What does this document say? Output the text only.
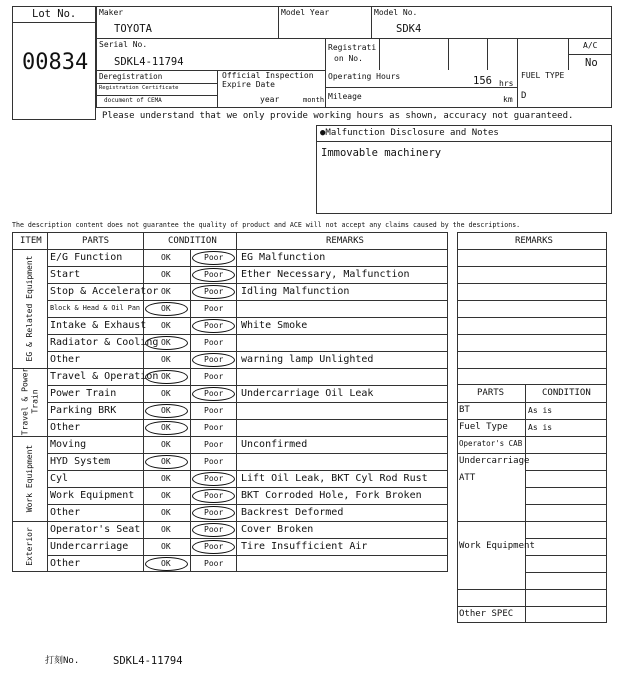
Lot No.
00834
Maker
TOYOTA
Model Year	Model No.
SDK4
Serial No.
SDKL4-11794
Registrati
on No.
A/C
No
Deregistration
Registration Certificate
document of CEMA
Official Inspection
Expire Date
year	month
Operating Hours	156 hrs
Mileage	km
FUEL TYPE
D
Please understand that we only provide working hours as shown, accuracy not guaranteed.
●Malfunction Disclosure and Notes
Immovable machinery
The description content does not guarantee the quality of product and ACE will not accept any claims caused by the descriptions.
ITEM	PARTS	CONDITION	REMARKS
EG & Related Equipment
Travel & Power Train
Work Equipment
Exterior
E/G Function	OK	Poor EG Malfunction
Start	OK	Poor Ether Necessary, Malfunction
Stop & Accelerator OK	Poor Idling Malfunction
Block & Head & Oil Pan	OK	Poor
Intake & Exhaust OK	Poor White Smoke
Radiator & Cooling OK	Poor
Other	OK	Poor warning lamp Unlighted
Travel & Operation OK	Poor
Power Train	OK	Poor Undercarriage Oil Leak
Parking BRK	OK	Poor
Other	OK	Poor
Moving	OK	Poor Unconfirmed
HYD System	OK	Poor
Cyl	OK	Poor Lift Oil Leak, BKT Cyl Rod Rust
Work Equipment	OK	Poor BKT Corroded Hole, Fork Broken
Other	OK	Poor Backrest Deformed
Operator's Seat	OK	Poor Cover Broken
Undercarriage	OK	Poor Tire Insufficient Air
Other	OK	Poor
REMARKS
PARTS	CONDITION
BT	As is
Fuel Type	As is
Operator's CAB
Undercarriage
ATT
Work Equipment
Other SPEC
打刻No.	SDKL4-11794
